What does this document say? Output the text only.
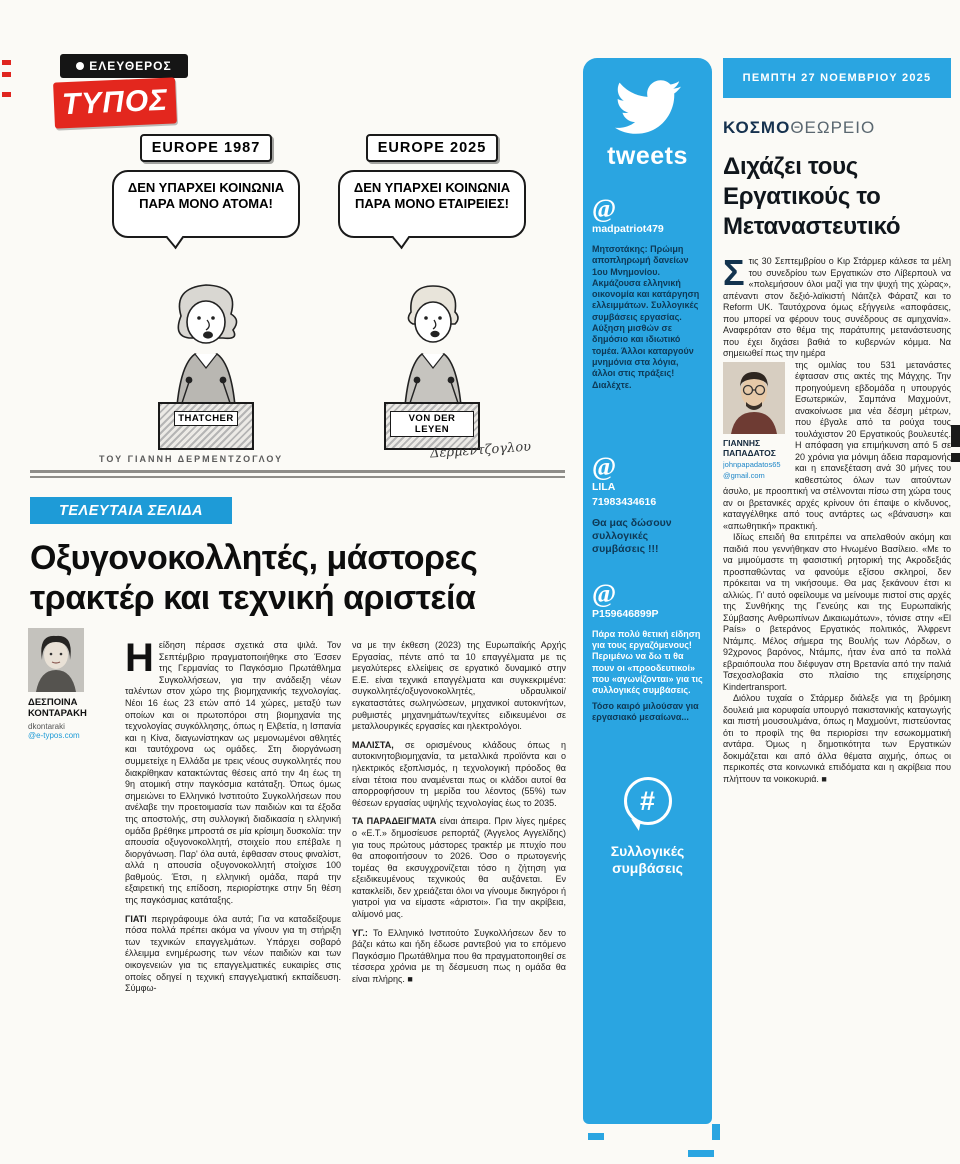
ΕΛΕΥΘΕΡΟΣ
ΤΥΠΟΣ
EUROPE 1987
ΔΕΝ ΥΠΑΡΧΕΙ ΚΟΙΝΩΝΙΑ ΠΑΡΑ ΜΟΝΟ ΑΤΟΜΑ!
THATCHER
EUROPE 2025
ΔΕΝ ΥΠΑΡΧΕΙ ΚΟΙΝΩΝΙΑ ΠΑΡΑ ΜΟΝΟ ΕΤΑΙΡΕΙΕΣ!
VON DER LEYEN
ΤΟΥ ΓΙΑΝΝΗ ΔΕΡΜΕΝΤΖΟΓΛΟΥ	Δερμεντζογλου
ΤΕΛΕΥΤΑΙΑ ΣΕΛΙΔΑ
Οξυγονοκολλητές, μάστορες
τρακτέρ και τεχνική αριστεία
ΔΕΣΠΟΙΝΑ ΚΟΝΤΑΡΑΚΗ
dkontaraki
@e-typos.com

Ηείδηση πέρασε σχετικά στα ψιλά. Τον Σεπτέμβριο πραγματοποιήθηκε στο Έσσεν της Γερμανίας το Παγκόσμιο Πρωτάθλημα Συγκολλήσεων, για την ανάδειξη νέων ταλέντων στον χώρο της βιομηχανικής τεχνολογίας. Νέοι 16 έως 23 ετών από 14 χώρες, μεταξύ των οποίων και οι πρωτοπόροι στη βιομηχανία της τεχνολογίας συγκόλλησης, όπως η Ελβετία, η Ισπανία και η Κίνα, διαγωνίστηκαν ως μεμονωμένοι αθλητές και ταυτόχρονα ως ομάδες. Στη διοργάνωση συμμετείχε η Ελλάδα με τρεις νέους συγκολλητές που διακρίθηκαν κατακτώντας θέσεις από την 4η έως τη 9η ατομική στην παγκόσμια κατάταξη. Όπως όμως σημειώνει το Ελληνικό Ινστιτούτο Συγκολλήσεων που ανέλαβε την προετοιμασία των παιδιών και τα έξοδα της αποστολής, στη συλλογική διαδικασία η ελληνική ομάδα βρέθηκε μπροστά σε μία κρίσιμη δυσκολία: την απουσία οξυγονοκολλητή, στοιχείο που επέβαλε η διοργάνωση. Παρ' όλα αυτά, έφθασαν στους φιναλίστ, αλλά η απουσία οξυγονοκολλητή στοίχισε 100 βαθμούς. Έτσι, η ελληνική ομάδα, παρά την εξαιρετική της επίδοση, περιορίστηκε στην 5η θέση της παγκόσμιας κατάταξης.

ΓΙΑΤΙ περιγράφουμε όλα αυτά; Για να καταδείξουμε πόσα πολλά πρέπει ακόμα να γίνουν για τη στήριξη των τεχνικών επαγγελμάτων. Υπάρχει σοβαρό έλλειμμα ενημέρωσης των νέων παιδιών και των οικογενειών για τις επαγγελματικές ευκαιρίες στις οποίες οδηγεί η τεχνική επαγγελματική εκπαίδευση. Σύμφω-

να με την έκθεση (2023) της Ευρωπαϊκής Αρχής Εργασίας, πέντε από τα 10 επαγγέλματα με τις μεγαλύτερες ελλείψεις σε εργατικό δυναμικό στην Ε.Ε. είναι τεχνικά επαγγέλματα και συγκεκριμένα: συγκολλητές/οξυγονοκολλητές, υδραυλικοί/εγκαταστάτες σωληνώσεων, μηχανικοί αυτοκινήτων, ρυθμιστές μηχανημάτων/τεχνίτες ειδικευμένοι σε μεταλλουργικές εργασίες και ηλεκτρολόγοι.

ΜΑΛΙΣΤΑ, σε ορισμένους κλάδους όπως η αυτοκινητοβιομηχανία, τα μεταλλικά προϊόντα και ο ηλεκτρικός εξοπλισμός, η τεχνολογική πρόοδος θα είναι τέτοια που αναμένεται πως οι κλάδοι αυτοί θα απορροφήσουν τη μερίδα του λέοντος (55%) των θέσεων εργασίας υψηλής τεχνολογίας έως το 2035.

ΤΑ ΠΑΡΑΔΕΙΓΜΑΤΑ είναι άπειρα. Πριν λίγες ημέρες ο «Ε.Τ.» δημοσίευσε ρεπορτάζ (Άγγελος Αγγελίδης) για τους πρώτους μάστορες τρακτέρ με πτυχίο που θα αποφοιτήσουν το 2026. Όσο ο πρωτογενής τομέας θα εκσυγχρονίζεται τόσο η ζήτηση για εξειδικευμένους τεχνικούς θα αυξάνεται. Εν κατακλείδι, δεν χρειάζεται όλοι να γίνουμε δικηγόροι ή γιατροί για να είμαστε «άριστοι». Για την ακρίβεια, αλίμονό μας.

ΥΓ.: Το Ελληνικό Ινστιτούτο Συγκολλήσεων δεν το βάζει κάτω και ήδη έδωσε ραντεβού για το επόμενο Παγκόσμιο Πρωτάθλημα που θα πραγματοποιηθεί σε τέσσερα χρόνια με τη δέσμευση πως η ομάδα θα είναι πλήρης. ■

tweets
@
madpatriot479
Μητσοτάκης: Πρώιμη αποπληρωμή δανείων 1ου Μνημονίου. Ακμάζουσα ελληνική οικονομία και κατάργηση ελλειμμάτων. Συλλογικές συμβάσεις εργασίας. Αύξηση μισθών σε δημόσιο και ιδιωτικό τομέα. Άλλοι καταργούν μνημόνια στα λόγια, άλλοι στις πράξεις! Διαλέχτε.
@
LILA
71983434616
Θα μας δώσουν συλλογικές συμβάσεις !!!
@
P159646899P
Πάρα πολύ θετική είδηση για τους εργαζόμενους! Περιμένω να δω τι θα πουν οι «προοδευτικοί» που «αγωνίζονται» για τις συλλογικές συμβάσεις.
Τόσο καιρό μιλούσαν για εργασιακό μεσαίωνα...
#
Συλλογικές συμβάσεις
ΠΕΜΠΤΗ 27 ΝΟΕΜΒΡΙΟΥ 2025
ΚΟΣΜΟΘΕΩΡΕΙΟ
Διχάζει τους Εργατικούς το Μεταναστευτικό

Στις 30 Σεπτεμβρίου ο Κιρ Στάρμερ κάλεσε τα μέλη του συνεδρίου των Εργατικών στο Λίβερπουλ να «πολεμήσουν όλοι μαζί για την ψυχή της χώρας», απέναντι στον δεξιό-λαϊκιστή Νάιτζελ Φάρατζ και το Reform UK. Ταυτόχρονα όμως εξήγγειλε «αποφάσεις, που μπορεί να φέρουν τους συνέδρους σε αμηχανία». Αναφερόταν στο θέμα της παράτυπης μετανάστευσης που έχει διχάσει βαθιά το κυβερνών κόμμα. Να σημειωθεί πως την ημέρα

ΓΙΑΝΝΗΣ ΠΑΠΑΔΑΤΟΣ
johnpapadatos65
@gmail.com

της ομιλίας του 531 μετανάστες έφτασαν στις ακτές της Μάγχης. Την προηγούμενη εβδομάδα η υπουργός Εσωτερικών, Σαμπάνα Μαχμούντ, ανακοίνωσε μια νέα δέσμη μέτρων, που έβγαλε από τα ρούχα τους τουλάχιστον 20 Εργατικούς βουλευτές. Η απόφαση για επιμήκυνση από 5 σε 20 χρόνια για μόνιμη άδεια παραμονής και η επανεξέταση ανά 30 μήνες του καθεστώτος όλων των αιτούντων άσυλο, με προοπτική να στέλνονται πίσω στη χώρα τους αν οι βρετανικές αρχές κρίνουν ότι έπαψε ο κίνδυνος, καταγγέλθηκε από τους αντάρτες ως «βάναυση» και «απωθητική» πρακτική.

Ιδίως επειδή θα επιτρέπει να απελαθούν ακόμη και παιδιά που γεννήθηκαν στο Ηνωμένο Βασίλειο. «Με το να μιμούμαστε τη φασιστική ρητορική της Ακροδεξιάς προσπαθώντας να φανούμε εξίσου σκληροί, δεν πρόκειται να τη νικήσουμε. Θα μας ξεκάνουν έτσι κι αλλιώς. Γι' αυτό οφείλουμε να μείνουμε πιστοί στις αρχές της Συνθήκης της Γενεύης και της Ευρωπαϊκής Σύμβασης Ανθρωπίνων Δικαιωμάτων», τόνισε στην «El País» ο βετεράνος Εργατικός πολιτικός, Άλφρεντ Ντάμπς. Μέλος σήμερα της Βουλής των Λόρδων, ο 92χρονος βαρόνος, Ντάμπς, ήταν ένα από τα πολλά εβραιόπουλα που διέφυγαν στη Βρετανία από την παλιά Τσεχοσλοβακία στο πλαίσιο της επιχείρησης Kindertransport.

Διόλου τυχαία ο Στάρμερ διάλεξε για τη βρόμικη δουλειά μια κορυφαία υπουργό πακιστανικής καταγωγής και πιστή μουσουλμάνα, όπως η Μαχμούντ, πιστεύοντας ότι το προφίλ της θα περιορίσει την εσωκομματική αντάρα. Όμως η δημοτικότητα των Εργατικών δοκιμάζεται και από άλλα θέματα αιχμής, όπως οι περικοπές στα κοινωνικά επιδόματα και η ακρίβεια που πλήττουν τα νοικοκυριά. ■
